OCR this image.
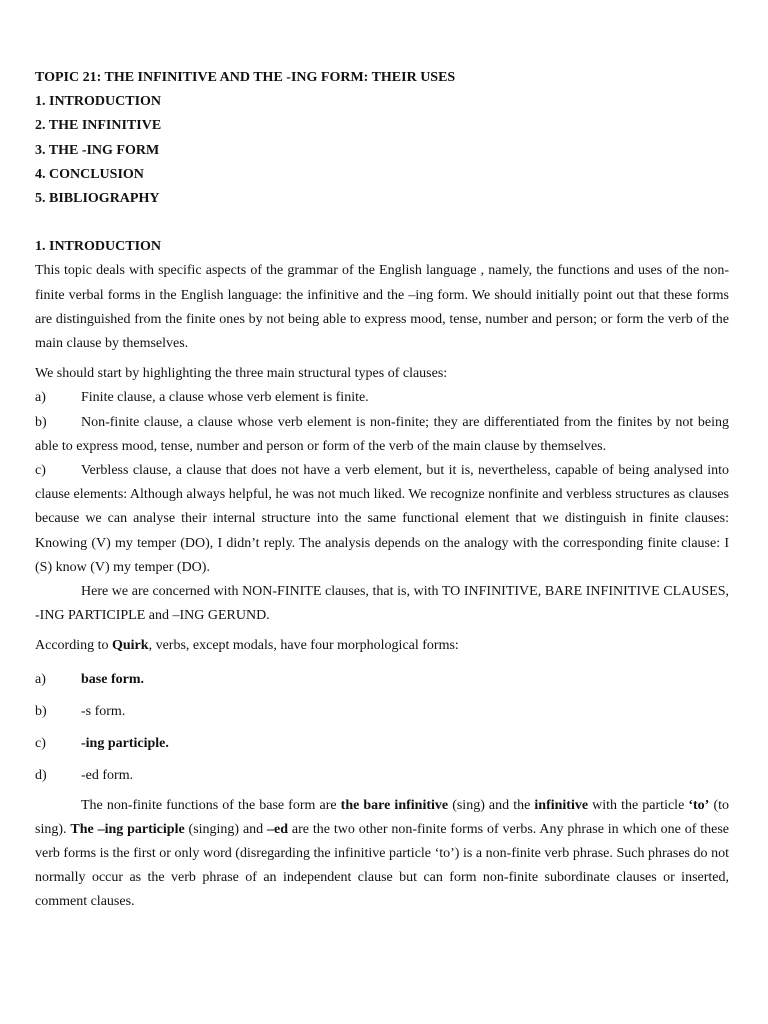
TOPIC 21: THE INFINITIVE AND THE -ING FORM: THEIR USES
1. INTRODUCTION
2. THE INFINITIVE
3. THE -ING FORM
4. CONCLUSION
5. BIBLIOGRAPHY
1. INTRODUCTION

This topic deals with specific aspects of the grammar of the English language , namely, the functions and uses of the non-finite verbal forms in the English language: the infinitive and the –ing form. We should initially point out that these forms are distinguished from the finite ones by not being able to express mood, tense, number and person; or form the verb of the main clause by themselves.

We should start by highlighting the three main structural types of clauses:

a)	Finite clause, a clause whose verb element is finite.
b) Non-finite clause, a clause whose verb element is non-finite; they are differentiated from the finites by not being able to express mood, tense, number and person or form of the verb of the main clause by themselves.
c)	Verbless clause, a clause that does not have a verb element, but it is, nevertheless, capable of being analysed into clause elements: Although always helpful, he was not much liked. We recognize nonfinite and verbless structures as clauses because we can analyse their internal structure into the same functional element that we distinguish in finite clauses: Knowing (V) my temper (DO), I didn’t reply. The analysis depends on the analogy with the corresponding finite clause: I (S) know (V) my temper (DO).

Here we are concerned with NON-FINITE clauses, that is, with TO INFINITIVE, BARE INFINITIVE CLAUSES, -ING PARTICIPLE and –ING GERUND.

According to Quirk, verbs, except modals, have four morphological forms:

a)	base form.
b)	-s form.
c)	-ing participle.
d)	-ed form.

The non-finite functions of the base form are the bare infinitive (sing) and the infinitive with the particle ‘to’ (to sing). The –ing participle (singing) and –ed are the two other non-finite forms of verbs. Any phrase in which one of these verb forms is the first or only word (disregarding the infinitive particle ‘to’) is a non-finite verb phrase. Such phrases do not normally occur as the verb phrase of an independent clause but can form non-finite subordinate clauses or inserted, comment clauses.
